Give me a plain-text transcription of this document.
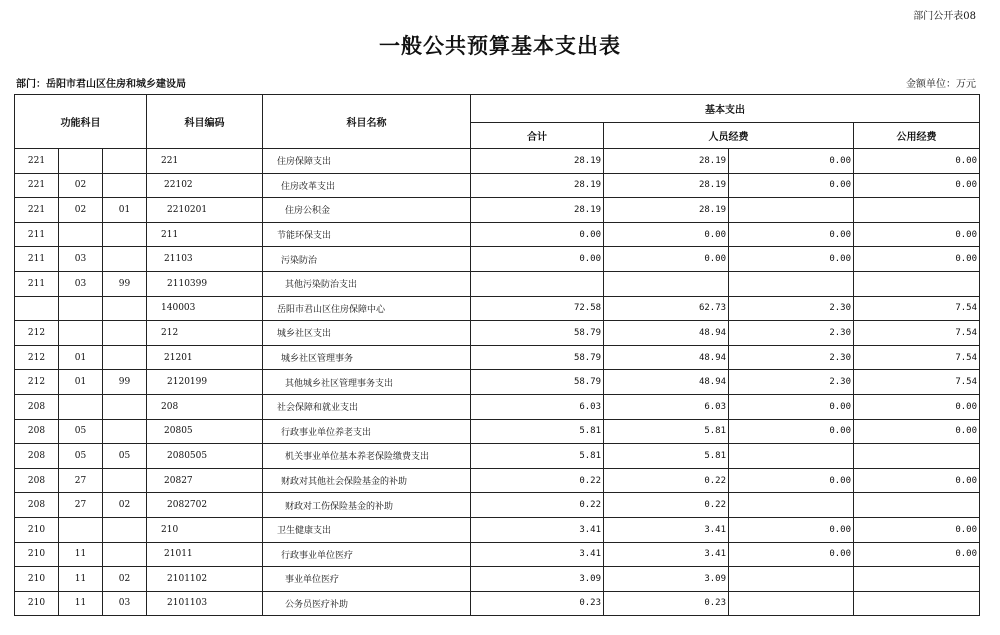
部门公开表08
一般公共预算基本支出表
部门：岳阳市君山区住房和城乡建设局	金额单位：万元
功能科目			科目编码	科目名称	基本支出			
					合计	人员经费		公用经费
221			221	住房保障支出	28.19	28.19	0.00	0.00
221	02		22102	住房改革支出	28.19	28.19	0.00	0.00
221	02	01	2210201	住房公积金	28.19	28.19		
211			211	节能环保支出	0.00	0.00	0.00	0.00
211	03		21103	污染防治	0.00	0.00	0.00	0.00
211	03	99	2110399	其他污染防治支出				
			140003	岳阳市君山区住房保障中心	72.58	62.73	2.30	7.54
212			212	城乡社区支出	58.79	48.94	2.30	7.54
212	01		21201	城乡社区管理事务	58.79	48.94	2.30	7.54
212	01	99	2120199	其他城乡社区管理事务支出	58.79	48.94	2.30	7.54
208			208	社会保障和就业支出	6.03	6.03	0.00	0.00
208	05		20805	行政事业单位养老支出	5.81	5.81	0.00	0.00
208	05	05	2080505	机关事业单位基本养老保险缴费支出	5.81	5.81		
208	27		20827	财政对其他社会保险基金的补助	0.22	0.22	0.00	0.00
208	27	02	2082702	财政对工伤保险基金的补助	0.22	0.22		
210			210	卫生健康支出	3.41	3.41	0.00	0.00
210	11		21011	行政事业单位医疗	3.41	3.41	0.00	0.00
210	11	02	2101102	事业单位医疗	3.09	3.09		
210	11	03	2101103	公务员医疗补助	0.23	0.23		
